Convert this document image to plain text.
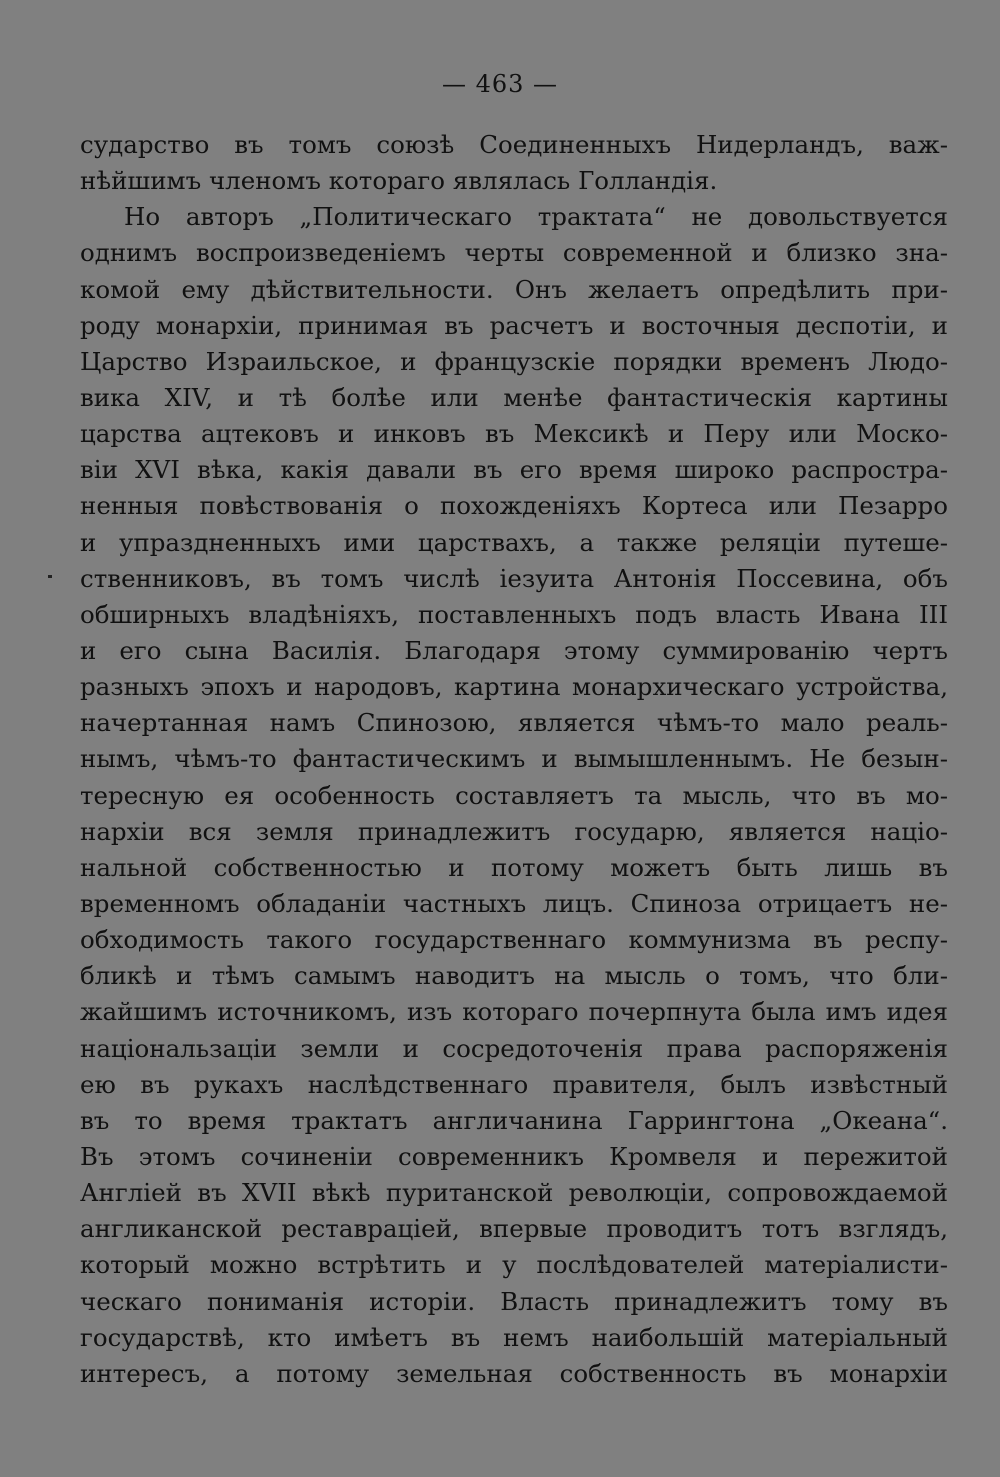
— 463 —
сударство въ томъ союзѣ Соединенныхъ Нидерландъ, важ-
нѣйшимъ членомъ котораго являлась Голландія.
Но авторъ „Политическаго трактата“ не довольствуется
однимъ воспроизведеніемъ черты современной и близко зна-
комой ему дѣйствительности. Онъ желаетъ опредѣлить при-
роду монархіи, принимая въ расчетъ и восточныя деспотіи, и
Царство Израильское, и французскіе порядки временъ Людо-
вика XIV, и тѣ болѣе или менѣе фантастическія картины
царства ацтековъ и инковъ въ Мексикѣ и Перу или Моско-
віи XVI вѣка, какія давали въ его время широко распростра-
ненныя повѣствованія о похожденіяхъ Кортеса или Пезарро
и упраздненныхъ ими царствахъ, а также реляціи путеше-
ственниковъ, въ томъ числѣ іезуита Антонія Поссевина, объ
обширныхъ владѣніяхъ, поставленныхъ подъ власть Ивана III
и его сына Василія. Благодаря этому суммированію чертъ
разныхъ эпохъ и народовъ, картина монархическаго устройства,
начертанная намъ Спинозою, является чѣмъ-то мало реаль-
нымъ, чѣмъ-то фантастическимъ и вымышленнымъ. Не безын-
тересную ея особенность составляетъ та мысль, что въ мо-
нархіи вся земля принадлежитъ государю, является націо-
нальной собственностью и потому можетъ быть лишь въ
временномъ обладаніи частныхъ лицъ. Спиноза отрицаетъ не-
обходимость такого государственнаго коммунизма въ респу-
бликѣ и тѣмъ самымъ наводитъ на мысль о томъ, что бли-
жайшимъ источникомъ, изъ котораго почерпнута была имъ идея
національзаціи земли и сосредоточенія права распоряженія
ею въ рукахъ наслѣдственнаго правителя, былъ извѣстный
въ то время трактатъ англичанина Гаррингтона „Океана“.
Въ этомъ сочиненіи современникъ Кромвеля и пережитой
Англіей въ XVII вѣкѣ пуританской революціи, сопровождаемой
англиканской реставраціей, впервые проводитъ тотъ взглядъ,
который можно встрѣтить и у послѣдователей матеріалисти-
ческаго пониманія исторіи. Власть принадлежитъ тому въ
государствѣ, кто имѣетъ въ немъ наибольшій матеріальный
интересъ, а потому земельная собственность въ монархіи
